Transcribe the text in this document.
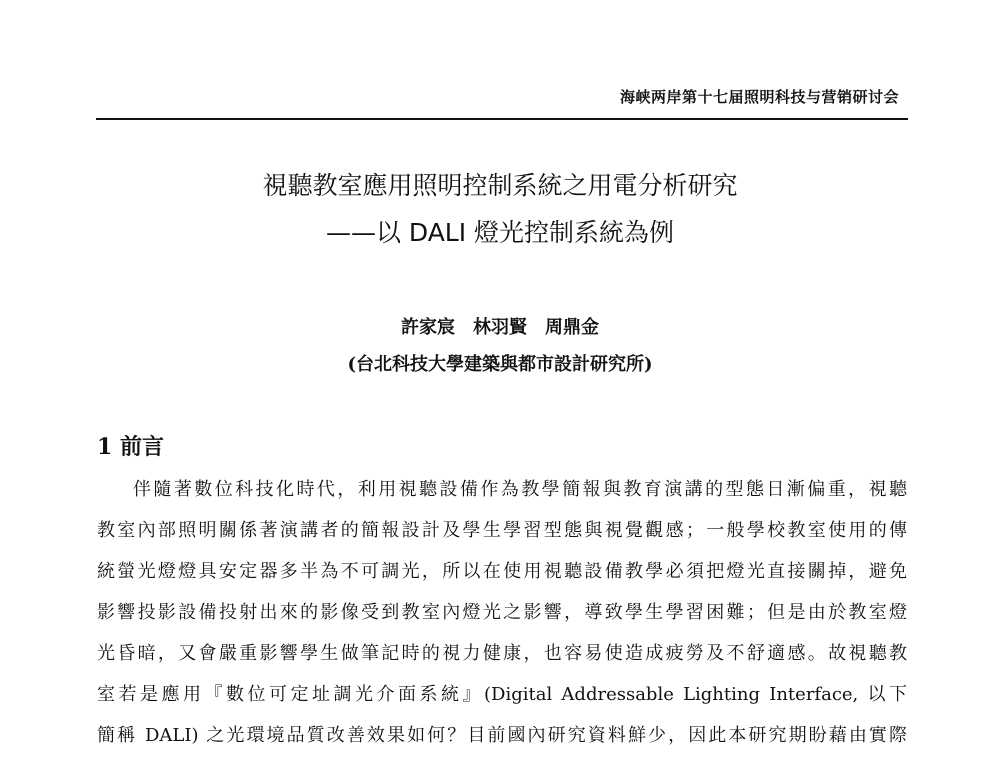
海峡两岸第十七届照明科技与营销研讨会
視聽教室應用照明控制系統之用電分析研究
——以 DALI 燈光控制系統為例
許家宸　林羽賢　周鼎金
(台北科技大學建築與都市設計研究所)
1 前言
伴隨著數位科技化時代，利用視聽設備作為教學簡報與教育演講的型態日漸偏重，視聽
教室內部照明關係著演講者的簡報設計及學生學習型態與視覺觀感；一般學校教室使用的傳
統螢光燈燈具安定器多半為不可調光，所以在使用視聽設備教學必須把燈光直接關掉，避免
影響投影設備投射出來的影像受到教室內燈光之影響，導致學生學習困難；但是由於教室燈
光昏暗，又會嚴重影響學生做筆記時的視力健康，也容易使造成疲勞及不舒適感。故視聽教
室若是應用『數位可定址調光介面系統』(Digital Addressable Lighting Interface, 以下
簡稱 DALI) 之光環境品質改善效果如何？目前國內研究資料鮮少，因此本研究期盼藉由實際
